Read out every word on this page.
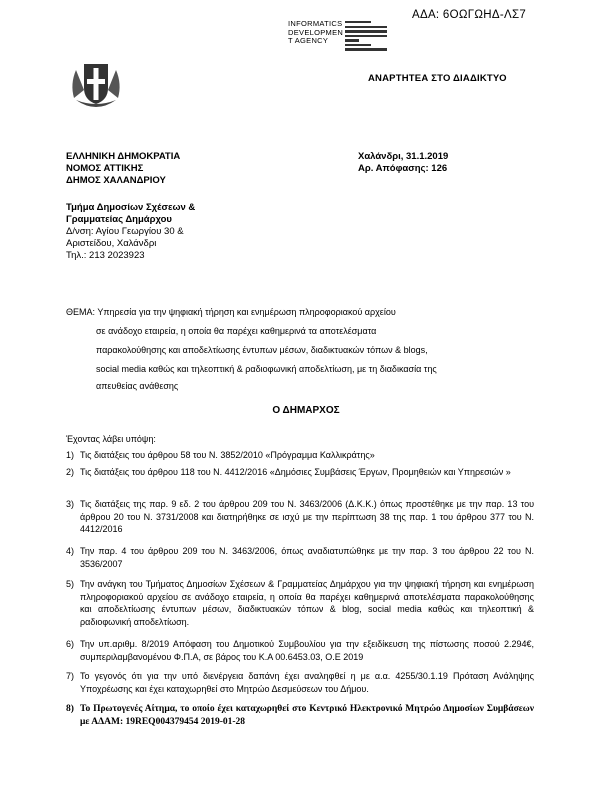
ΑΔΑ: 6ΟΩΓΩΗΔ-ΛΣ7
INFORMATICS
DEVELOPMEN
T AGENCY
ΑΝΑΡΤΗΤΕΑ ΣΤΟ ΔΙΑΔΙΚΤΥΟ
ΕΛΛΗΝΙΚΗ ΔΗΜΟΚΡΑΤΙΑ
ΝΟΜΟΣ ΑΤΤΙΚΗΣ
ΔΗΜΟΣ ΧΑΛΑΝΔΡΙΟΥ
Χαλάνδρι, 31.1.2019
Αρ. Απόφασης: 126
Τμήμα Δημοσίων Σχέσεων &
Γραμματείας Δημάρχου
Δ/νση: Αγίου Γεωργίου 30 &
Αριστείδου, Χαλάνδρι
Τηλ.: 213 2023923
ΘΕΜΑ: Υπηρεσία για την ψηφιακή τήρηση και ενημέρωση πληροφοριακού αρχείου
σε ανάδοχο εταιρεία, η οποία θα παρέχει καθημερινά τα αποτελέσματα
παρακολούθησης και αποδελτίωσης έντυπων μέσων, διαδικτυακών τόπων & blogs,
social media καθώς και τηλεοπτική & ραδιοφωνική αποδελτίωση, με τη διαδικασία της
απευθείας ανάθεσης
Ο ΔΗΜΑΡΧΟΣ
Έχοντας λάβει υπόψη:
1) Τις διατάξεις του άρθρου 58 του Ν. 3852/2010 «Πρόγραμμα Καλλικράτης»
2) Τις διατάξεις του άρθρου 118 του Ν. 4412/2016 «Δημόσιες Συμβάσεις Έργων, Προμηθειών και Υπηρεσιών »
3) Τις διατάξεις της παρ. 9 εδ. 2 του άρθρου 209 του Ν. 3463/2006 (Δ.Κ.Κ.) όπως προστέθηκε με την παρ. 13 του άρθρου 20 του Ν. 3731/2008 και διατηρήθηκε σε ισχύ με την περίπτωση 38 της παρ. 1 του άρθρου 377 του Ν. 4412/2016
4) Την παρ. 4 του άρθρου 209 του Ν. 3463/2006, όπως αναδιατυπώθηκε με την παρ. 3 του άρθρου 22 του Ν. 3536/2007
5) Την ανάγκη του Τμήματος Δημοσίων Σχέσεων & Γραμματείας Δημάρχου για την ψηφιακή τήρηση και ενημέρωση πληροφοριακού αρχείου σε ανάδοχο εταιρεία, η οποία θα παρέχει καθημερινά αποτελέσματα παρακολούθησης και αποδελτίωσης έντυπων μέσων, διαδικτυακών τόπων & blog, social media καθώς και τηλεοπτική & ραδιοφωνική αποδελτίωση.
6) Την υπ.αριθμ. 8/2019 Απόφαση του Δημοτικού Συμβουλίου για την εξειδίκευση της πίστωσης ποσού 2.294€, συμπεριλαμβανομένου Φ.Π.Α, σε βάρος του Κ.Α 00.6453.03, Ο.Ε 2019
7) Το γεγονός ότι για την υπό διενέργεια δαπάνη έχει αναληφθεί η με α.α. 4255/30.1.19 Πρόταση Ανάληψης Υποχρέωσης και έχει καταχωρηθεί στο Μητρώο Δεσμεύσεων του Δήμου.
8) Το Πρωτογενές Αίτημα, το οποίο έχει καταχωρηθεί στο Κεντρικό Ηλεκτρονικό Μητρώο Δημοσίων Συμβάσεων με ΑΔΑΜ: 19REQ004379454 2019-01-28
